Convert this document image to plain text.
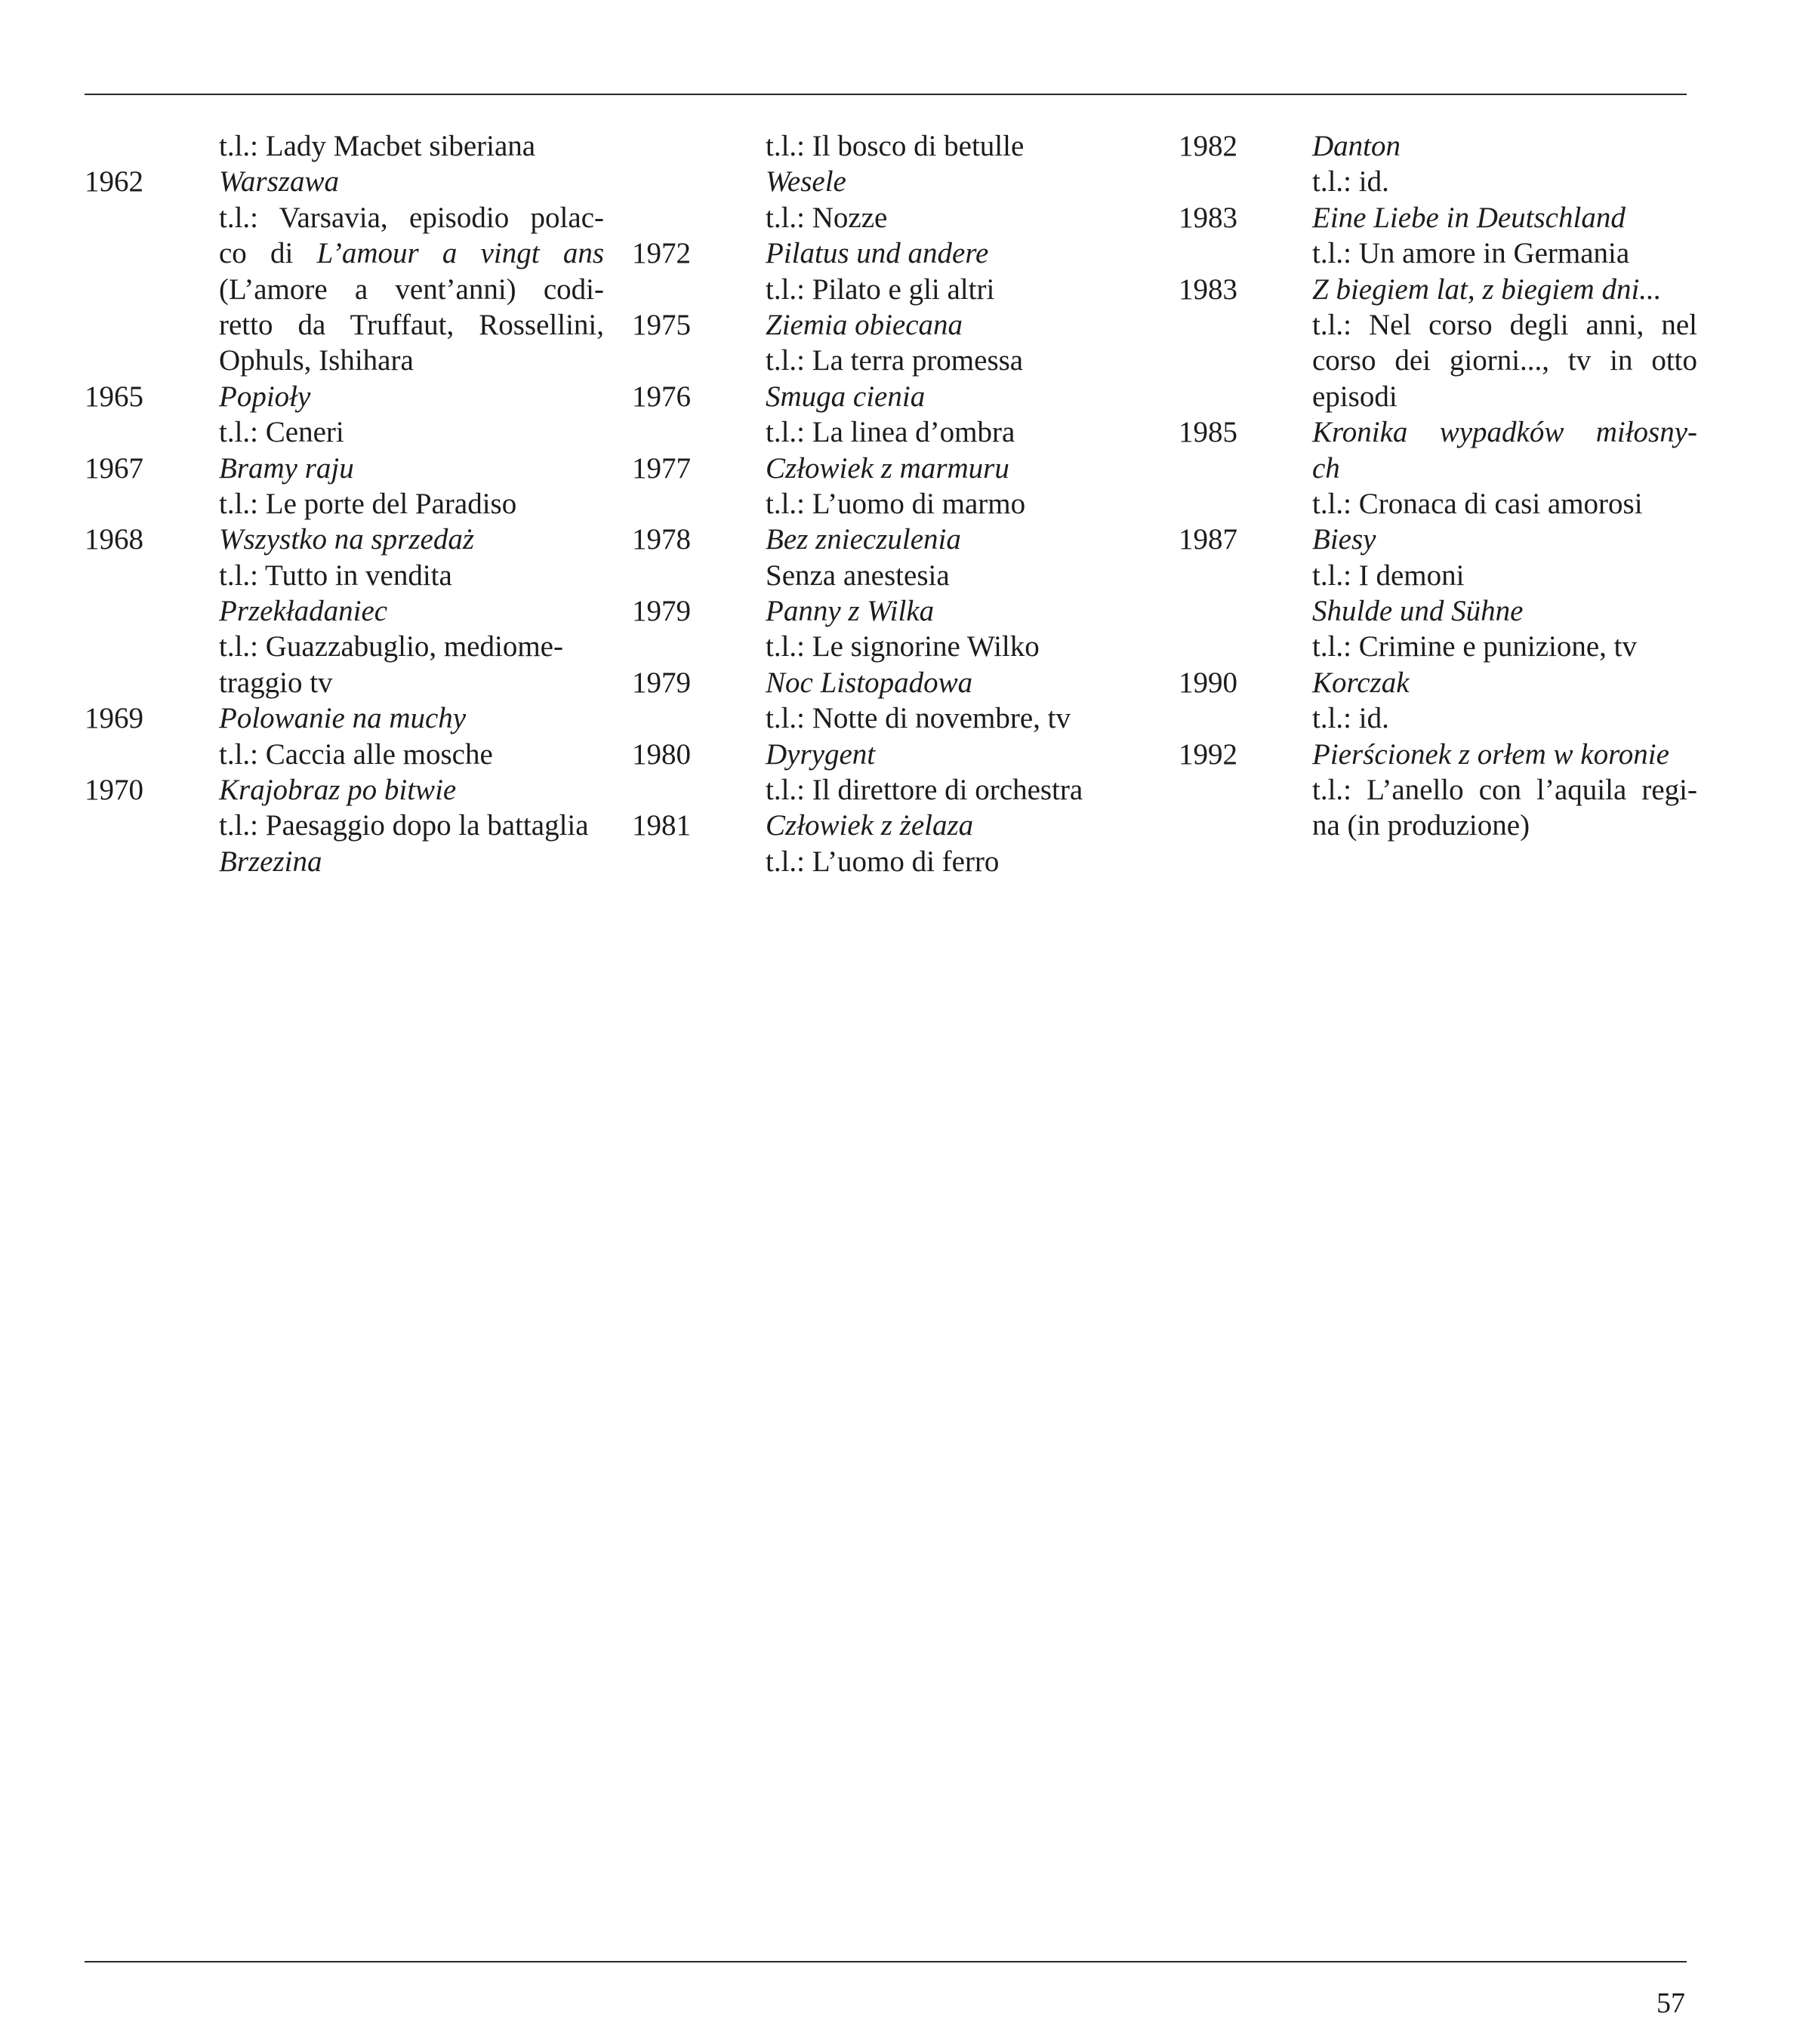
t.l.: Lady Macbet siberiana
1962	Warszawa
t.l.: Varsavia, episodio polac-
co di L’amour a vingt ans
(L’amore a vent’anni) codi-
retto da Truffaut, Rossellini,
Ophuls, Ishihara
1965	Popioły
t.l.: Ceneri
1967	Bramy raju
t.l.: Le porte del Paradiso
1968	Wszystko na sprzedaż
t.l.: Tutto in vendita
Przekładaniec
t.l.: Guazzabuglio, mediome-
traggio tv
1969	Polowanie na muchy
t.l.: Caccia alle mosche
1970	Krajobraz po bitwie
t.l.: Paesaggio dopo la battaglia
Brzezina
t.l.: Il bosco di betulle
Wesele
t.l.: Nozze
1972	Pilatus und andere
t.l.: Pilato e gli altri
1975	Ziemia obiecana
t.l.: La terra promessa
1976	Smuga cienia
t.l.: La linea d’ombra
1977	Człowiek z marmuru
t.l.: L’uomo di marmo
1978	Bez znieczulenia
Senza anestesia
1979	Panny z Wilka
t.l.: Le signorine Wilko
1979	Noc Listopadowa
t.l.: Notte di novembre, tv
1980	Dyrygent
t.l.: Il direttore di orchestra
1981	Człowiek z żelaza
t.l.: L’uomo di ferro
1982	Danton
t.l.: id.
1983	Eine Liebe in Deutschland
t.l.: Un amore in Germania
1983	Z biegiem lat, z biegiem dni...
t.l.: Nel corso degli anni, nel
corso dei giorni..., tv in otto
episodi
1985	Kronika wypadków miłosny-
ch
t.l.: Cronaca di casi amorosi
1987	Biesy
t.l.: I demoni
Shulde und Sühne
t.l.: Crimine e punizione, tv
1990	Korczak
t.l.: id.
1992	Pierścionek z orłem w koronie
t.l.: L’anello con l’aquila regi-
na (in produzione)
57
